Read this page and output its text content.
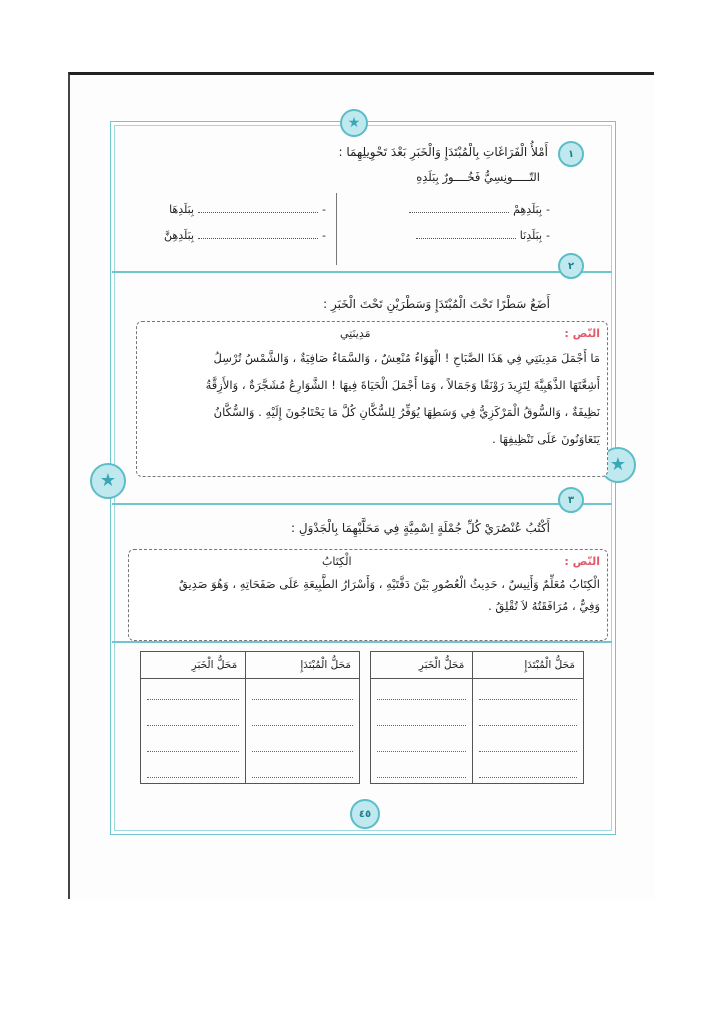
★
★
★
١
أَمْلأُ الْفَرَاغَاتِ بِالْمُبْتَدَإِ وَالْخَبَرِ بَعْدَ تَحْوِيلِهِمَا :
التّـــــونِسِيُّ فَخُــــورٌ بِبَلَدِهِ
-
بِبَلَدِهِمْ
-
بِبَلَدِنَا
-
بِبَلَدِهَا
-
بِبَلَدِهِنَّ
٢
أَضَعُ سَطْرًا تَحْتَ الْمُبْتَدَإِ وَسَطْرَيْنِ تَحْتَ الْخَبَرِ :
النّص :
مَدِينَتِي
مَا أَجْمَلَ مَدِينَتِي فِي هَذَا الصَّبَاحِ ! الْهَوَاءُ مُنْعِشٌ ، وَالسَّمَاءُ صَافِيَةٌ ، وَالشَّمْسُ تُرْسِلُ
أَشِعَّتَهَا الذَّهَبِيَّةَ لِتَزِيدَ رَوْنَقًا وَجَمَالاً ، وَمَا أَجْمَلَ الْحَيَاةَ فِيهَا ! الشَّوَارِعُ مُشَجَّرَةٌ ، وَالأَزِقَّةُ
نَظِيفَةٌ ، وَالسُّوقُ الْمَرْكَزِيُّ فِي وَسَطِهَا يُوَفِّرُ لِلسُّكَّانِ كُلَّ مَا يَحْتَاجُونَ إِلَيْهِ . وَالسُّكَّانُ
يَتَعَاوَنُونَ عَلَى تَنْظِيفِهَا .
٣
أَكْتُبُ عُنْصُرَيْ كُلِّ جُمْلَةٍ اِسْمِيَّةٍ فِي مَحَلَّيْهِمَا بِالْجَدْوَلِ :
النّص :
الْكِتَابُ
الْكِتَابُ مُعَلِّمٌ وَأَنِيسٌ ، حَدِيثُ الْعُصُورِ بَيْنَ دَفَّتَيْهِ ، وَأَسْرَارُ الطَّبِيعَةِ عَلَى صَفَحَاتِهِ ، وَهُوَ صَدِيقٌ
وَفِيٌّ ، مُرَافَقَتُهُ لاَ تُقْلِقُ .
مَحَلُّ الْمُبْتَدَإِ	مَحَلُّ الْخَبَرِ

مَحَلُّ الْمُبْتَدَإِ	مَحَلُّ الْخَبَرِ

٤٥
